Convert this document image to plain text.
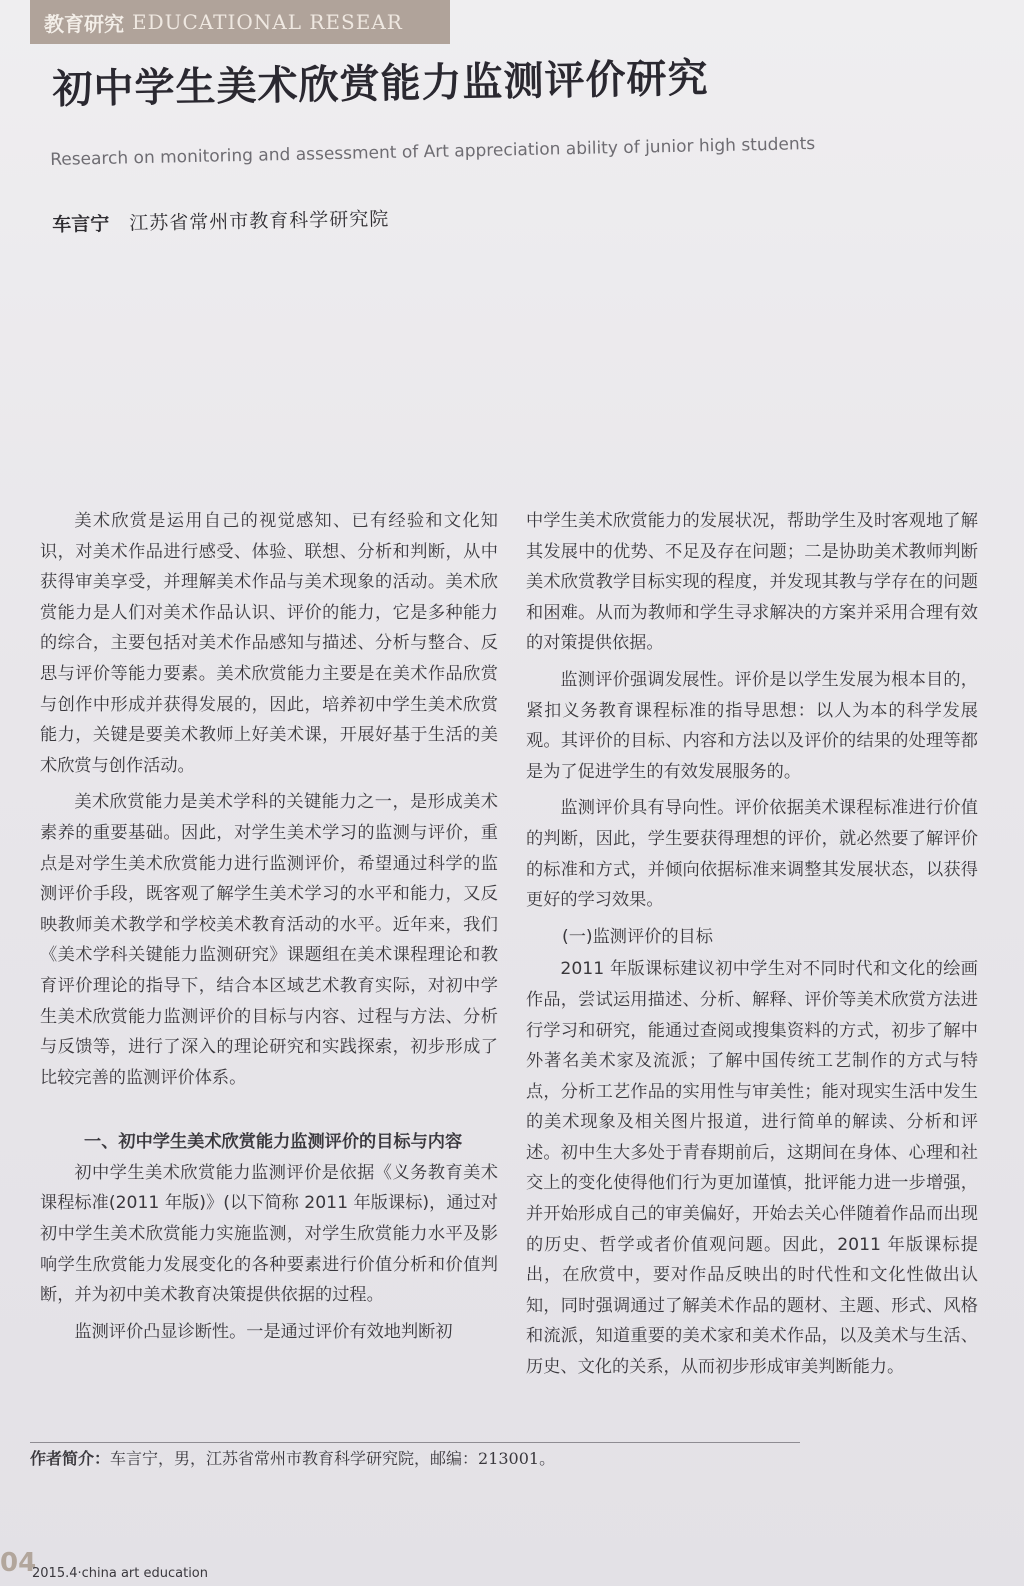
教育研究 EDUCATIONAL RESEAR
初中学生美术欣赏能力监测评价研究
Research on monitoring and assessment of Art appreciation ability of junior high students
车言宁 江苏省常州市教育科学研究院

美术欣赏是运用自己的视觉感知、已有经验和文化知识，对美术作品进行感受、体验、联想、分析和判断，从中获得审美享受，并理解美术作品与美术现象的活动。美术欣赏能力是人们对美术作品认识、评价的能力，它是多种能力的综合，主要包括对美术作品感知与描述、分析与整合、反思与评价等能力要素。美术欣赏能力主要是在美术作品欣赏与创作中形成并获得发展的，因此，培养初中学生美术欣赏能力，关键是要美术教师上好美术课，开展好基于生活的美术欣赏与创作活动。

美术欣赏能力是美术学科的关键能力之一，是形成美术素养的重要基础。因此，对学生美术学习的监测与评价，重点是对学生美术欣赏能力进行监测评价，希望通过科学的监测评价手段，既客观了解学生美术学习的水平和能力，又反映教师美术教学和学校美术教育活动的水平。近年来，我们《美术学科关键能力监测研究》课题组在美术课程理论和教育评价理论的指导下，结合本区域艺术教育实际，对初中学生美术欣赏能力监测评价的目标与内容、过程与方法、分析与反馈等，进行了深入的理论研究和实践探索，初步形成了比较完善的监测评价体系。

一、初中学生美术欣赏能力监测评价的目标与内容

初中学生美术欣赏能力监测评价是依据《义务教育美术课程标准(2011 年版)》(以下简称 2011 年版课标)，通过对初中学生美术欣赏能力实施监测，对学生欣赏能力水平及影响学生欣赏能力发展变化的各种要素进行价值分析和价值判断，并为初中美术教育决策提供依据的过程。

监测评价凸显诊断性。一是通过评价有效地判断初

中学生美术欣赏能力的发展状况，帮助学生及时客观地了解其发展中的优势、不足及存在问题；二是协助美术教师判断美术欣赏教学目标实现的程度，并发现其教与学存在的问题和困难。从而为教师和学生寻求解决的方案并采用合理有效的对策提供依据。

监测评价强调发展性。评价是以学生发展为根本目的，紧扣义务教育课程标准的指导思想：以人为本的科学发展观。其评价的目标、内容和方法以及评价的结果的处理等都是为了促进学生的有效发展服务的。

监测评价具有导向性。评价依据美术课程标准进行价值的判断，因此，学生要获得理想的评价，就必然要了解评价的标准和方式，并倾向依据标准来调整其发展状态，以获得更好的学习效果。

(一)监测评价的目标

2011 年版课标建议初中学生对不同时代和文化的绘画作品，尝试运用描述、分析、解释、评价等美术欣赏方法进行学习和研究，能通过查阅或搜集资料的方式，初步了解中外著名美术家及流派；了解中国传统工艺制作的方式与特点，分析工艺作品的实用性与审美性；能对现实生活中发生的美术现象及相关图片报道，进行简单的解读、分析和评述。初中生大多处于青春期前后，这期间在身体、心理和社交上的变化使得他们行为更加谨慎，批评能力进一步增强，并开始形成自己的审美偏好，开始去关心伴随着作品而出现的历史、哲学或者价值观问题。因此，2011 年版课标提出，在欣赏中，要对作品反映出的时代性和文化性做出认知，同时强调通过了解美术作品的题材、主题、形式、风格和流派，知道重要的美术家和美术作品，以及美术与生活、历史、文化的关系，从而初步形成审美判断能力。

作者简介：车言宁，男，江苏省常州市教育科学研究院，邮编：213001。
04
2015.4·china art education
